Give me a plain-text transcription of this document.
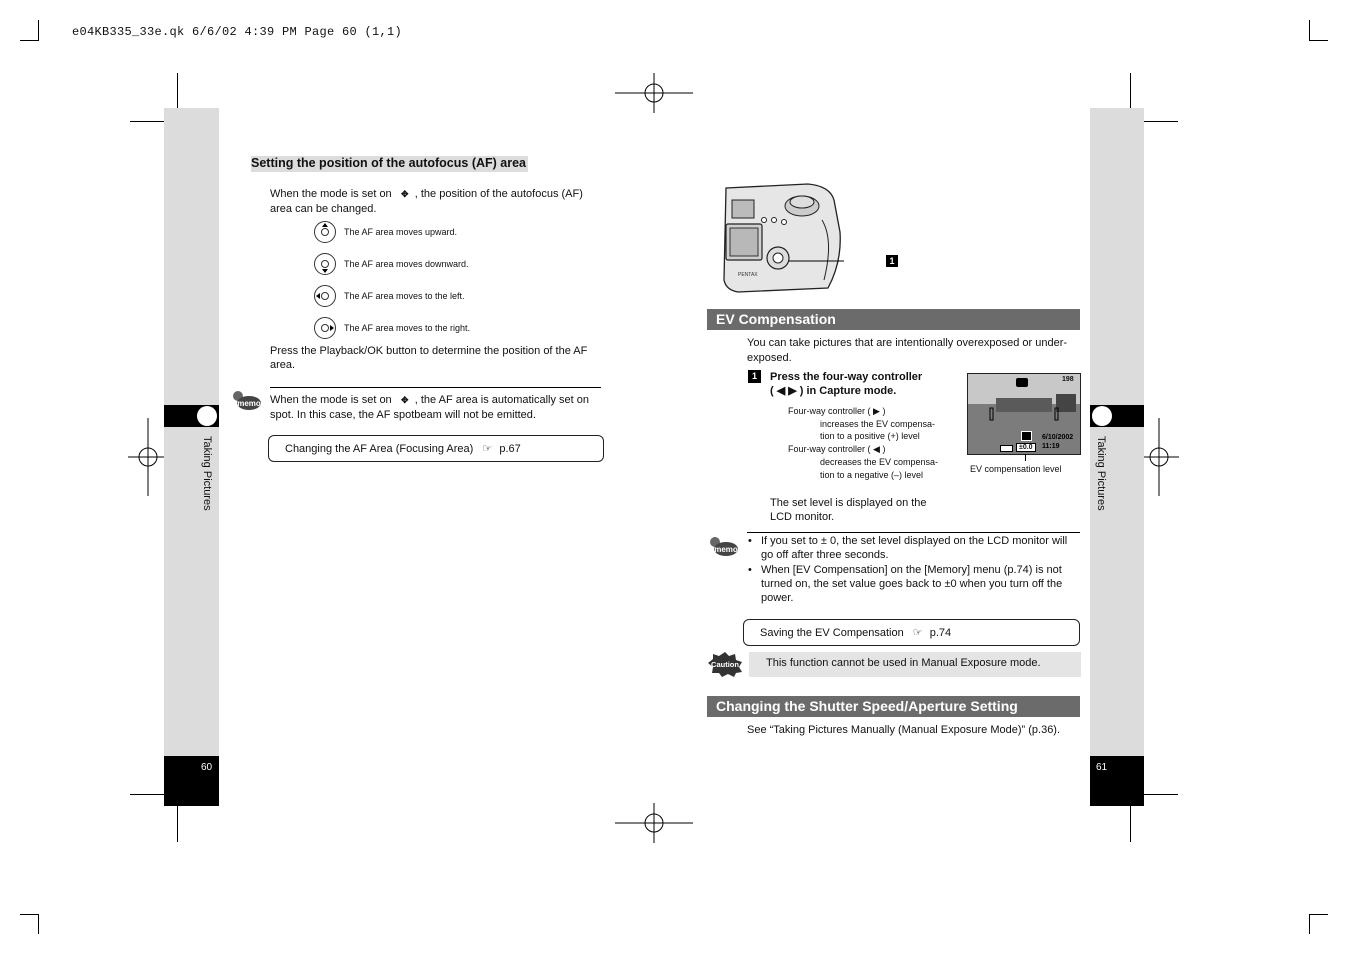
e04KB335_33e.qk 6/6/02 4:39 PM Page 60 (1,1)
Taking Pictures
60
Taking Pictures
61
Setting the position of the autofocus (AF) area
When the mode is set on ✥ , the position of the autofocus (AF)
area can be changed.
The AF area moves upward.
The AF area moves downward.
The AF area moves to the left.
The AF area moves to the right.
Press the Playback/OK button to determine the position of the AF
area.
memo When the mode is set on ✥ , the AF area is automatically set on
spot. In this case, the AF spotbeam will not be emitted.
Changing the AF Area (Focusing Area) ☞ p.67
PENTAX
1
EV Compensation
You can take pictures that are intentionally overexposed or under-
exposed.
1	Press the four-way controller
( ◀ ▶ ) in Capture mode.
Four-way controller ( ▶ )
increases the EV compensa-
tion to a positive (+) level
Four-way controller ( ◀ )
decreases the EV compensa-
tion to a negative (–) level
198
6/10/2002
11:19
±0.0
EV compensation level
The set level is displayed on the
LCD monitor.
memo
• If you set to ± 0, the set level displayed on the LCD monitor will
go off after three seconds.
• When [EV Compensation] on the [Memory] menu (p.74) is not
turned on, the set value goes back to ±0 when you turn off the
power.
Saving the EV Compensation ☞ p.74
Caution	This function cannot be used in Manual Exposure mode.
Changing the Shutter Speed/Aperture Setting
See “Taking Pictures Manually (Manual Exposure Mode)” (p.36).
